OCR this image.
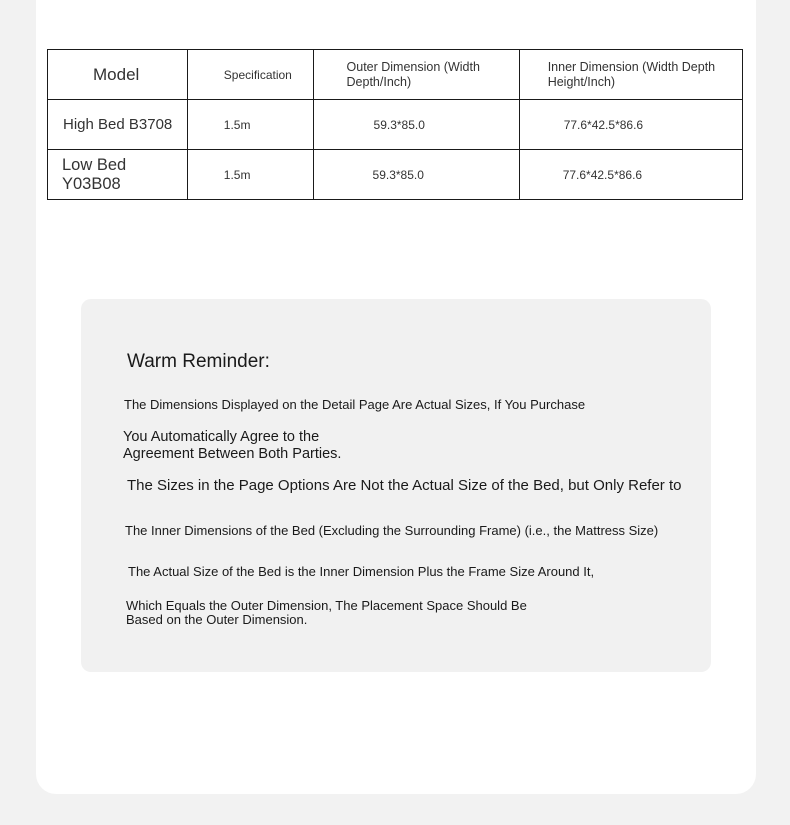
Model	Specification	Outer Dimension (Width Depth/Inch)	Inner Dimension (Width Depth Height/Inch)
High Bed B3708	1.5m	59.3*85.0	77.6*42.5*86.6
Low Bed Y03B08	1.5m	59.3*85.0	77.6*42.5*86.6
Warm Reminder:
The Dimensions Displayed on the Detail Page Are Actual Sizes, If You Purchase
You Automatically Agree to the Agreement Between Both Parties.
The Sizes in the Page Options Are Not the Actual Size of the Bed, but Only Refer to
The Inner Dimensions of the Bed (Excluding the Surrounding Frame) (i.e., the Mattress Size)
The Actual Size of the Bed is the Inner Dimension Plus the Frame Size Around It,
Which Equals the Outer Dimension, The Placement Space Should Be Based on the Outer Dimension.
